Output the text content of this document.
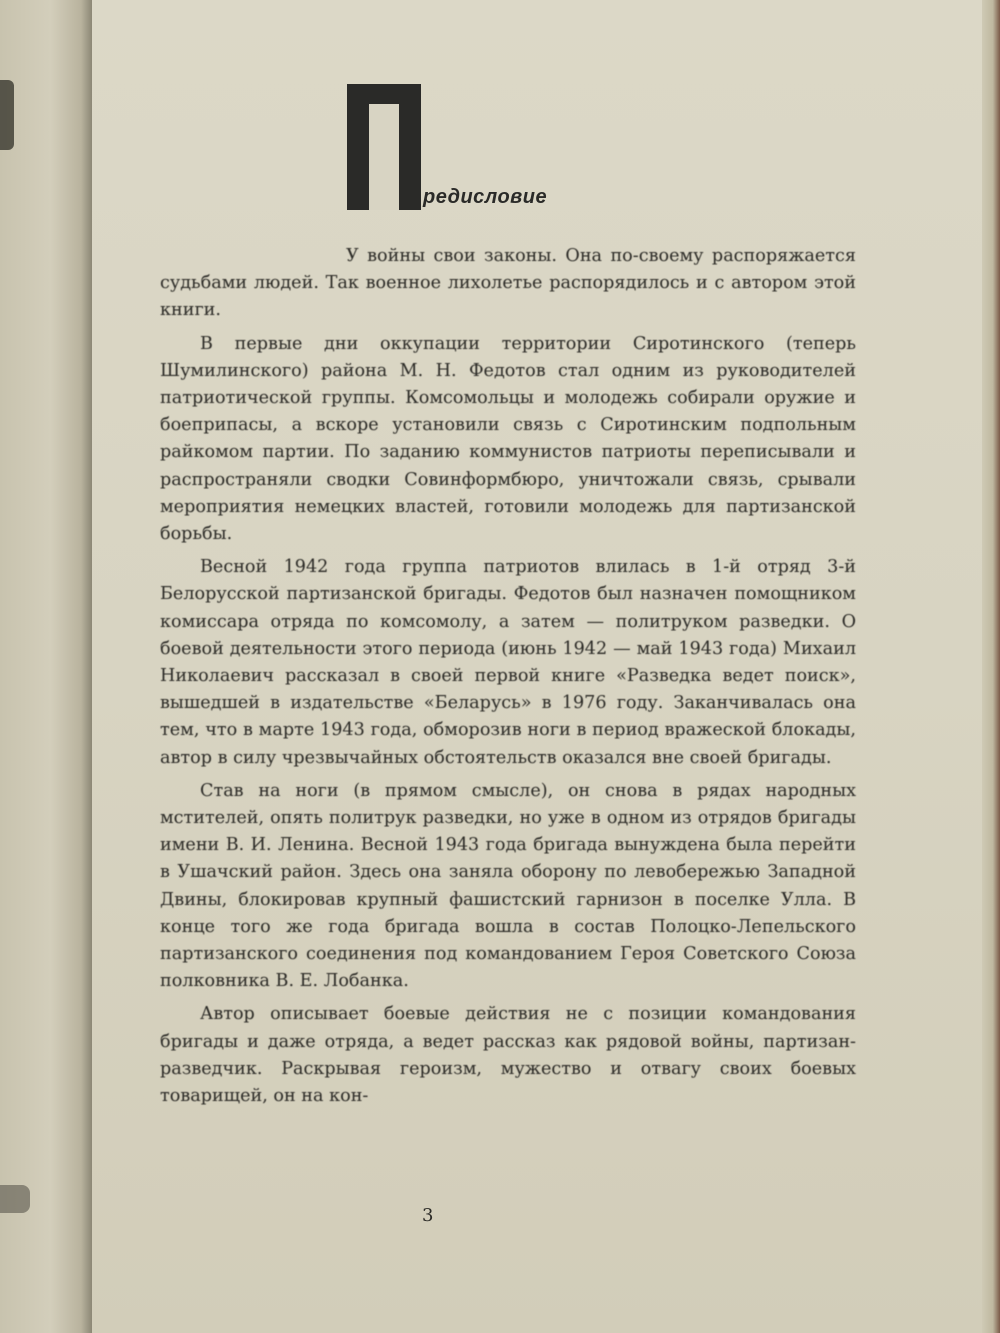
редисловие

У войны свои законы. Она по-своему распоряжается судьбами людей. Так военное лихолетье распорядилось и с автором этой книги.

В первые дни оккупации территории Сиротинского (теперь Шумилинского) района М. Н. Федотов стал одним из руководителей патриотической группы. Комсомольцы и молодежь собирали оружие и боеприпасы, а вскоре установили связь с Сиротинским подпольным райкомом партии. По заданию коммунистов патриоты переписывали и распространяли сводки Совинформбюро, уничтожали связь, срывали мероприятия немецких властей, готовили молодежь для партизанской борьбы.

Весной 1942 года группа патриотов влилась в 1-й отряд 3-й Белорусской партизанской бригады. Федотов был назначен помощником комиссара отряда по комсомолу, а затем — политруком разведки. О боевой деятельности этого периода (июнь 1942 — май 1943 года) Михаил Николаевич рассказал в своей первой книге «Разведка ведет поиск», вышедшей в издательстве «Беларусь» в 1976 году. Заканчивалась она тем, что в марте 1943 года, обморозив ноги в период вражеской блокады, автор в силу чрезвычайных обстоятельств оказался вне своей бригады.

Став на ноги (в прямом смысле), он снова в рядах народных мстителей, опять политрук разведки, но уже в одном из отрядов бригады имени В. И. Ленина. Весной 1943 года бригада вынуждена была перейти в Ушачский район. Здесь она заняла оборону по левобережью Западной Двины, блокировав крупный фашистский гарнизон в поселке Улла. В конце того же года бригада вошла в состав Полоцко-Лепельского партизанского соединения под командованием Героя Советского Союза полковника В. Е. Лобанка.

Автор описывает боевые действия не с позиции командования бригады и даже отряда, а ведет рассказ как рядовой войны, партизан-разведчик. Раскрывая героизм, мужество и отвагу своих боевых товарищей, он на кон-

3
